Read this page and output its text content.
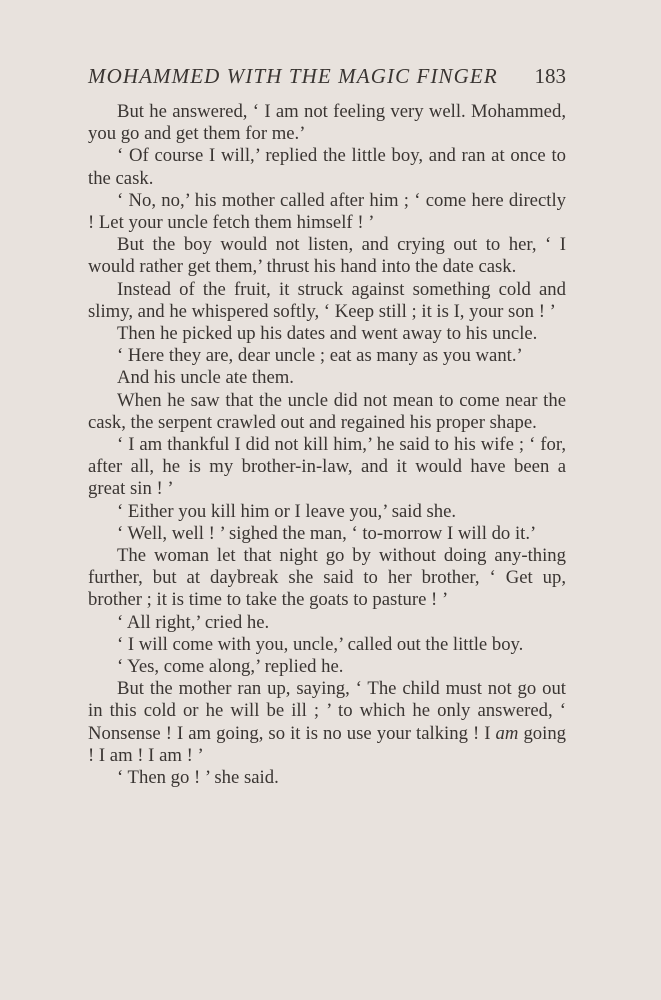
MOHAMMED WITH THE MAGIC FINGER 183

But he answered, ‘ I am not feeling very well. Mohammed, you go and get them for me.’

‘ Of course I will,’ replied the little boy, and ran at once to the cask.

‘ No, no,’ his mother called after him ; ‘ come here directly ! Let your uncle fetch them himself ! ’

But the boy would not listen, and crying out to her, ‘ I would rather get them,’ thrust his hand into the date cask.

Instead of the fruit, it struck against something cold and slimy, and he whispered softly, ‘ Keep still ; it is I, your son ! ’

Then he picked up his dates and went away to his uncle.

‘ Here they are, dear uncle ; eat as many as you want.’

And his uncle ate them.

When he saw that the uncle did not mean to come near the cask, the serpent crawled out and regained his proper shape.

‘ I am thankful I did not kill him,’ he said to his wife ; ‘ for, after all, he is my brother-in-law, and it would have been a great sin ! ’

‘ Either you kill him or I leave you,’ said she.

‘ Well, well ! ’ sighed the man, ‘ to-morrow I will do it.’

The woman let that night go by without doing any-thing further, but at daybreak she said to her brother, ‘ Get up, brother ; it is time to take the goats to pasture ! ’

‘ All right,’ cried he.

‘ I will come with you, uncle,’ called out the little boy.

‘ Yes, come along,’ replied he.

But the mother ran up, saying, ‘ The child must not go out in this cold or he will be ill ; ’ to which he only answered, ‘ Nonsense ! I am going, so it is no use your talking ! I am going ! I am ! I am ! ’

‘ Then go ! ’ she said.
